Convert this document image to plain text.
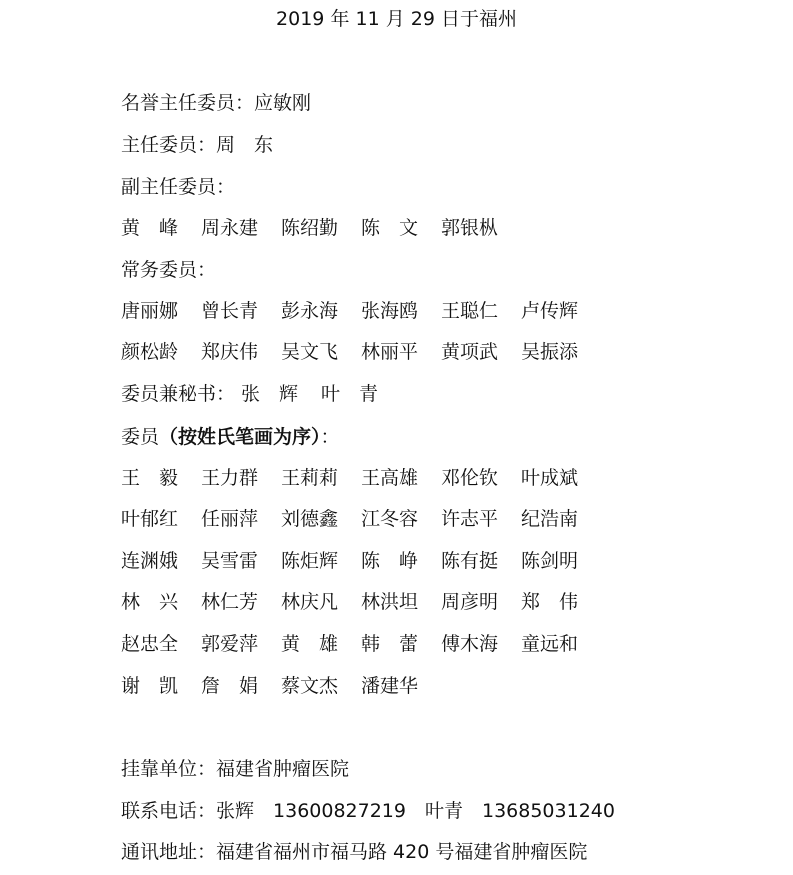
2019 年 11 月 29 日于福州
名誉主任委员：应敏刚
主任委员：周　东
副主任委员：
黄　峰 周永建 陈绍勤 陈　文 郭银枞
常务委员：
唐丽娜 曾长青 彭永海 张海鸥 王聪仁 卢传辉
颜松龄 郑庆伟 吴文飞 林丽平 黄项武 吴振添
委员兼秘书： 张　辉 叶　青
委员（按姓氏笔画为序）：
王　毅 王力群 王莉莉 王高雄 邓伦钦 叶成斌
叶郁红 任丽萍 刘德鑫 江冬容 许志平 纪浩南
连渊娥 吴雪雷 陈炬辉 陈　峥 陈有挺 陈剑明
林　兴 林仁芳 林庆凡 林洪坦 周彦明 郑　伟
赵忠全 郭爱萍 黄　雄 韩　蕾 傅木海 童远和
谢　凯 詹　娟 蔡文杰 潘建华
挂靠单位：福建省肿瘤医院
联系电话：张辉　13600827219　叶青　13685031240
通讯地址：福建省福州市福马路 420 号福建省肿瘤医院
